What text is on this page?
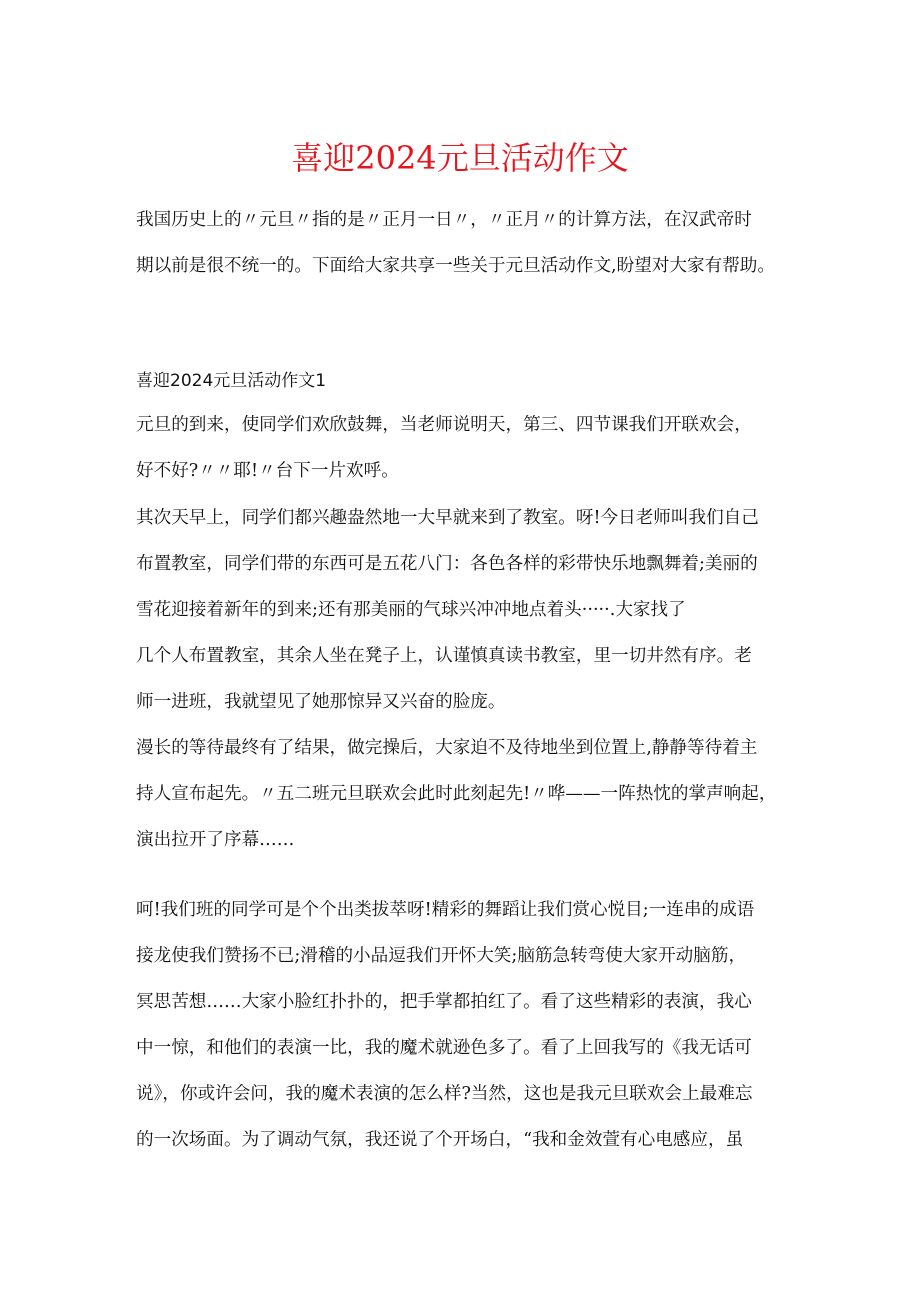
喜迎2024元旦活动作文
我国历史上的〃元旦〃指的是〃正月一日〃，〃正月〃的计算方法，在汉武帝时
期以前是很不统一的。下面给大家共享一些关于元旦活动作文,盼望对大家有帮助。
喜迎2024元旦活动作文1
元旦的到来，使同学们欢欣鼓舞，当老师说明天，第三、四节课我们开联欢会，
好不好?〃〃耶!〃台下一片欢呼。
其次天早上，同学们都兴趣盎然地一大早就来到了教室。呀!今日老师叫我们自己
布置教室，同学们带的东西可是五花八门：各色各样的彩带快乐地飘舞着;美丽的
雪花迎接着新年的到来;还有那美丽的气球兴冲冲地点着头·····.大家找了
几个人布置教室，其余人坐在凳子上，认谨慎真读书教室，里一切井然有序。老
师一进班，我就望见了她那惊异又兴奋的脸庞。
漫长的等待最终有了结果，做完操后，大家迫不及待地坐到位置上,静静等待着主
持人宣布起先。〃五二班元旦联欢会此时此刻起先!〃哗——一阵热忱的掌声响起，
演出拉开了序幕……
呵!我们班的同学可是个个出类拔萃呀!精彩的舞蹈让我们赏心悦目;一连串的成语
接龙使我们赞扬不已;滑稽的小品逗我们开怀大笑;脑筋急转弯使大家开动脑筋，
冥思苦想……大家小脸红扑扑的，把手掌都拍红了。看了这些精彩的表演，我心
中一惊，和他们的表演一比，我的魔术就逊色多了。看了上回我写的《我无话可
说》，你或许会问，我的魔术表演的怎么样?当然，这也是我元旦联欢会上最难忘
的一次场面。为了调动气氛，我还说了个开场白，“我和金效萱有心电感应，虽
